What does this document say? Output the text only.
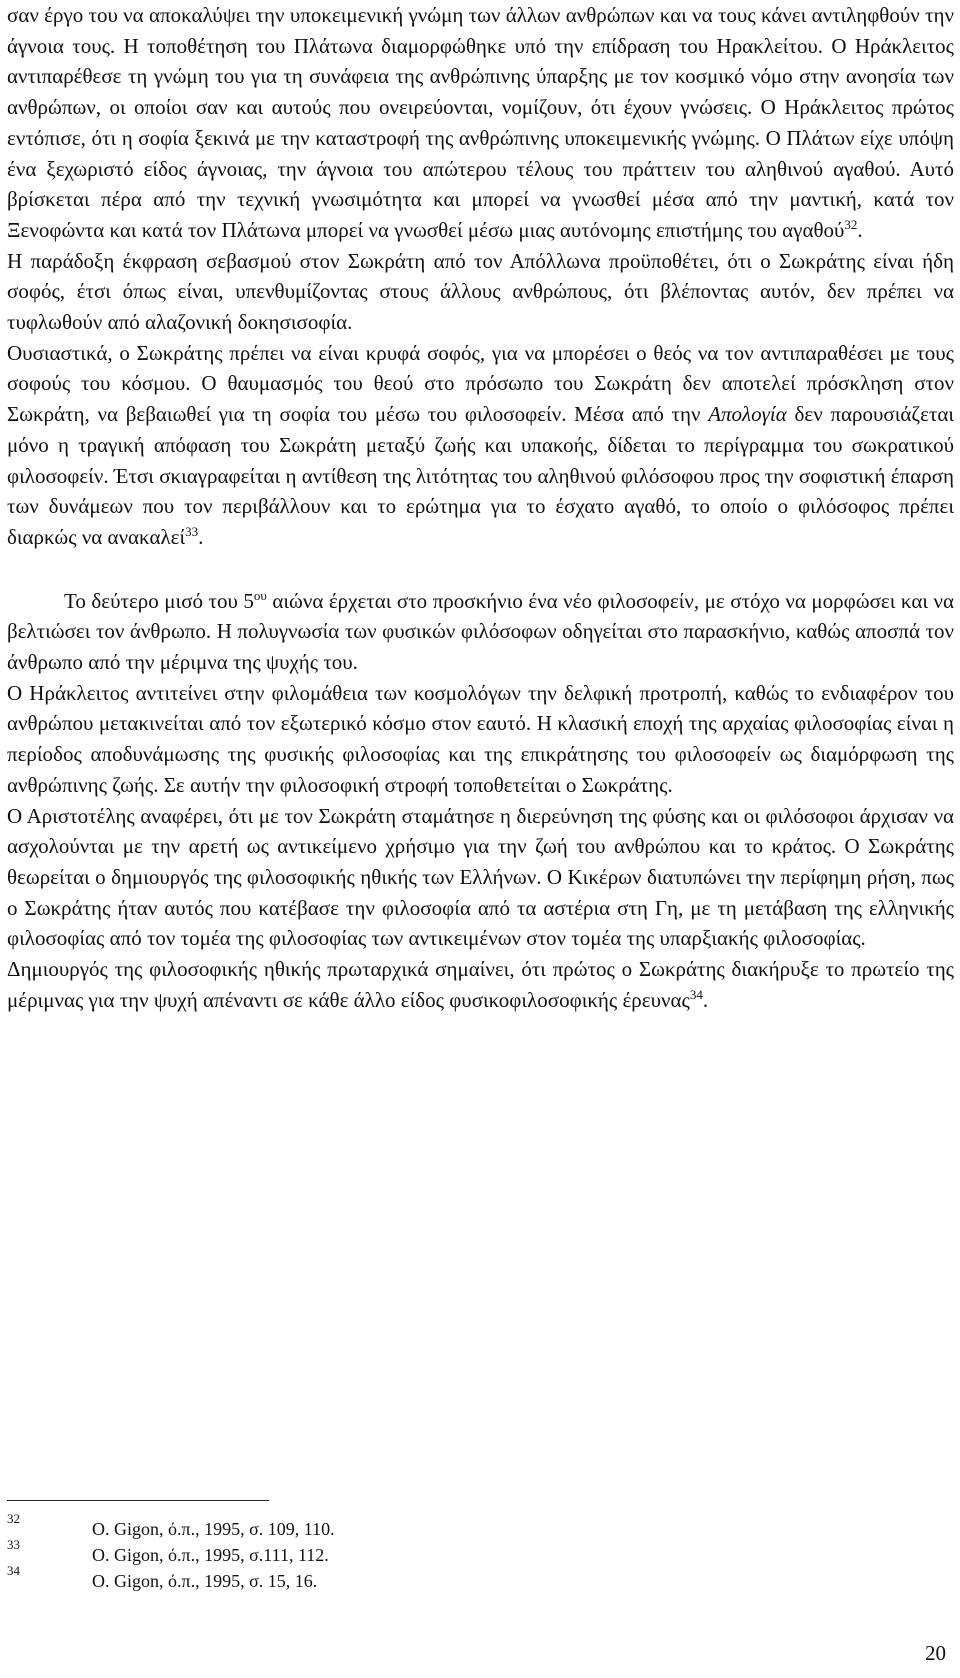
σαν έργο του να αποκαλύψει την υποκειμενική γνώμη των άλλων ανθρώπων και να τους κάνει αντιληφθούν την άγνοια τους. Η τοποθέτηση του Πλάτωνα διαμορφώθηκε υπό την επίδραση του Ηρακλείτου. Ο Ηράκλειτος αντιπαρέθεσε τη γνώμη του για τη συνάφεια της ανθρώπινης ύπαρξης με τον κοσμικό νόμο στην ανοησία των ανθρώπων, οι οποίοι σαν και αυτούς που ονειρεύονται, νομίζουν, ότι έχουν γνώσεις. Ο Ηράκλειτος πρώτος εντόπισε, ότι η σοφία ξεκινά με την καταστροφή της ανθρώπινης υποκειμενικής γνώμης. Ο Πλάτων είχε υπόψη ένα ξεχωριστό είδος άγνοιας, την άγνοια του απώτερου τέλους του πράττειν του αληθινού αγαθού. Αυτό βρίσκεται πέρα από την τεχνική γνωσιμότητα και μπορεί να γνωσθεί μέσα από την μαντική, κατά τον Ξενοφώντα και κατά τον Πλάτωνα μπορεί να γνωσθεί μέσω μιας αυτόνομης επιστήμης του αγαθού$^{32}$.

Η παράδοξη έκφραση σεβασμού στον Σωκράτη από τον Απόλλωνα προϋποθέτει, ότι ο Σωκράτης είναι ήδη σοφός, έτσι όπως είναι, υπενθυμίζοντας στους άλλους ανθρώπους, ότι βλέποντας αυτόν, δεν πρέπει να τυφλωθούν από αλαζονική δοκησισοφία.

Ουσιαστικά, ο Σωκράτης πρέπει να είναι κρυφά σοφός, για να μπορέσει ο θεός να τον αντιπαραθέσει με τους σοφούς του κόσμου. Ο θαυμασμός του θεού στο πρόσωπο του Σωκράτη δεν αποτελεί πρόσκληση στον Σωκράτη, να βεβαιωθεί για τη σοφία του μέσω του φιλοσοφείν. Μέσα από την Απολογία δεν παρουσιάζεται μόνο η τραγική απόφαση του Σωκράτη μεταξύ ζωής και υπακοής, δίδεται το περίγραμμα του σωκρατικού φιλοσοφείν. Έτσι σκιαγραφείται η αντίθεση της λιτότητας του αληθινού φιλόσοφου προς την σοφιστική έπαρση των δυνάμεων που τον περιβάλλουν και το ερώτημα για το έσχατο αγαθό, το οποίο ο φιλόσοφος πρέπει διαρκώς να ανακαλεί$^{33}$.

Το δεύτερο μισό του $5^{o\upsilon}$ αιώνα έρχεται στο προσκήνιο ένα νέο φιλοσοφείν, με στόχο να μορφώσει και να βελτιώσει τον άνθρωπο. Η πολυγνωσία των φυσικών φιλόσοφων οδηγείται στο παρασκήνιο, καθώς αποσπά τον άνθρωπο από την μέριμνα της ψυχής του.

Ο Ηράκλειτος αντιτείνει στην φιλομάθεια των κοσμολόγων την δελφική προτροπή, καθώς το ενδιαφέρον του ανθρώπου μετακινείται από τον εξωτερικό κόσμο στον εαυτό. Η κλασική εποχή της αρχαίας φιλοσοφίας είναι η περίοδος αποδυνάμωσης της φυσικής φιλοσοφίας και της επικράτησης του φιλοσοφείν ως διαμόρφωση της ανθρώπινης ζωής. Σε αυτήν την φιλοσοφική στροφή τοποθετείται ο Σωκράτης.

Ο Αριστοτέλης αναφέρει, ότι με τον Σωκράτη σταμάτησε η διερεύνηση της φύσης και οι φιλόσοφοι άρχισαν να ασχολούνται με την αρετή ως αντικείμενο χρήσιμο για την ζωή του ανθρώπου και το κράτος. Ο Σωκράτης θεωρείται ο δημιουργός της φιλοσοφικής ηθικής των Ελλήνων. Ο Κικέρων διατυπώνει την περίφημη ρήση, πως ο Σωκράτης ήταν αυτός που κατέβασε την φιλοσοφία από τα αστέρια στη Γη, με τη μετάβαση της ελληνικής φιλοσοφίας από τον τομέα της φιλοσοφίας των αντικειμένων στον τομέα της υπαρξιακής φιλοσοφίας.

Δημιουργός της φιλοσοφικής ηθικής πρωταρχικά σημαίνει, ότι πρώτος ο Σωκράτης διακήρυξε το πρωτείο της μέριμνας για την ψυχή απέναντι σε κάθε άλλο είδος φυσικοφιλοσοφικής έρευνας$^{34}$.

32
O. Gigon, ό.π., 1995, σ. 109, 110.
33
O. Gigon, ό.π., 1995, σ.111, 112.
34
O. Gigon, ό.π., 1995, σ. 15, 16.
20
